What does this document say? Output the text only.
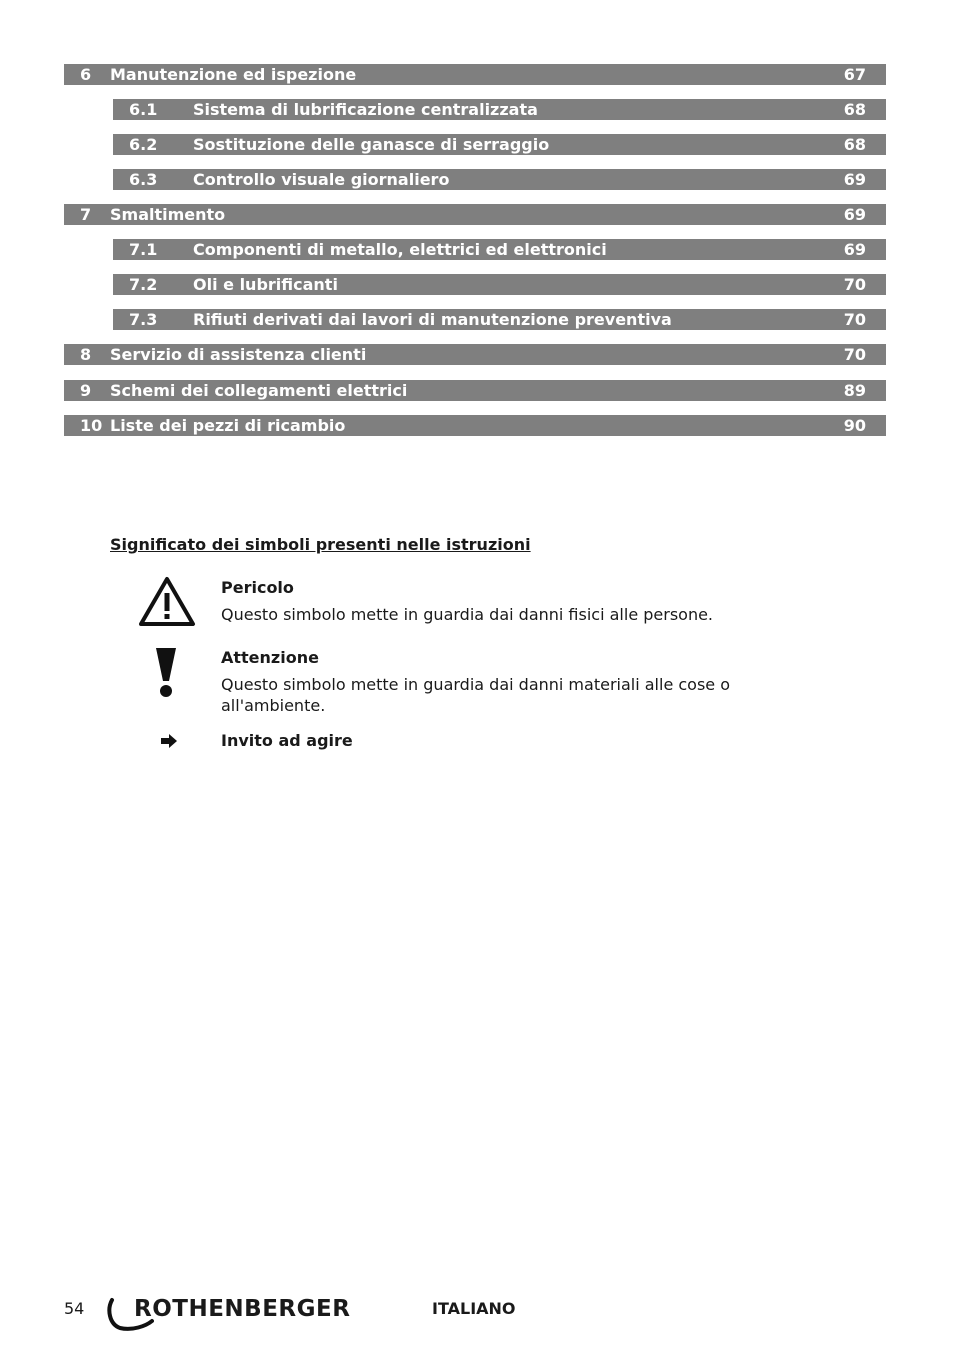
6 Manutenzione ed ispezione	67
6.1 Sistema di lubrificazione centralizzata	68
6.2 Sostituzione delle ganasce di serraggio	68
6.3 Controllo visuale giornaliero	69
7 Smaltimento	69
7.1 Componenti di metallo, elettrici ed elettronici	69
7.2 Oli e lubrificanti	70
7.3 Rifiuti derivati dai lavori di manutenzione preventiva	70
8 Servizio di assistenza clienti	70
9 Schemi dei collegamenti elettrici	89
10 Liste dei pezzi di ricambio	90
Significato dei simboli presenti nelle istruzioni
Pericolo
Questo simbolo mette in guardia dai danni fisici alle persone.
Attenzione
Questo simbolo mette in guardia dai danni materiali alle cose o all'ambiente.
Invito ad agire
54 ROTHENBERGER	ITALIANO
